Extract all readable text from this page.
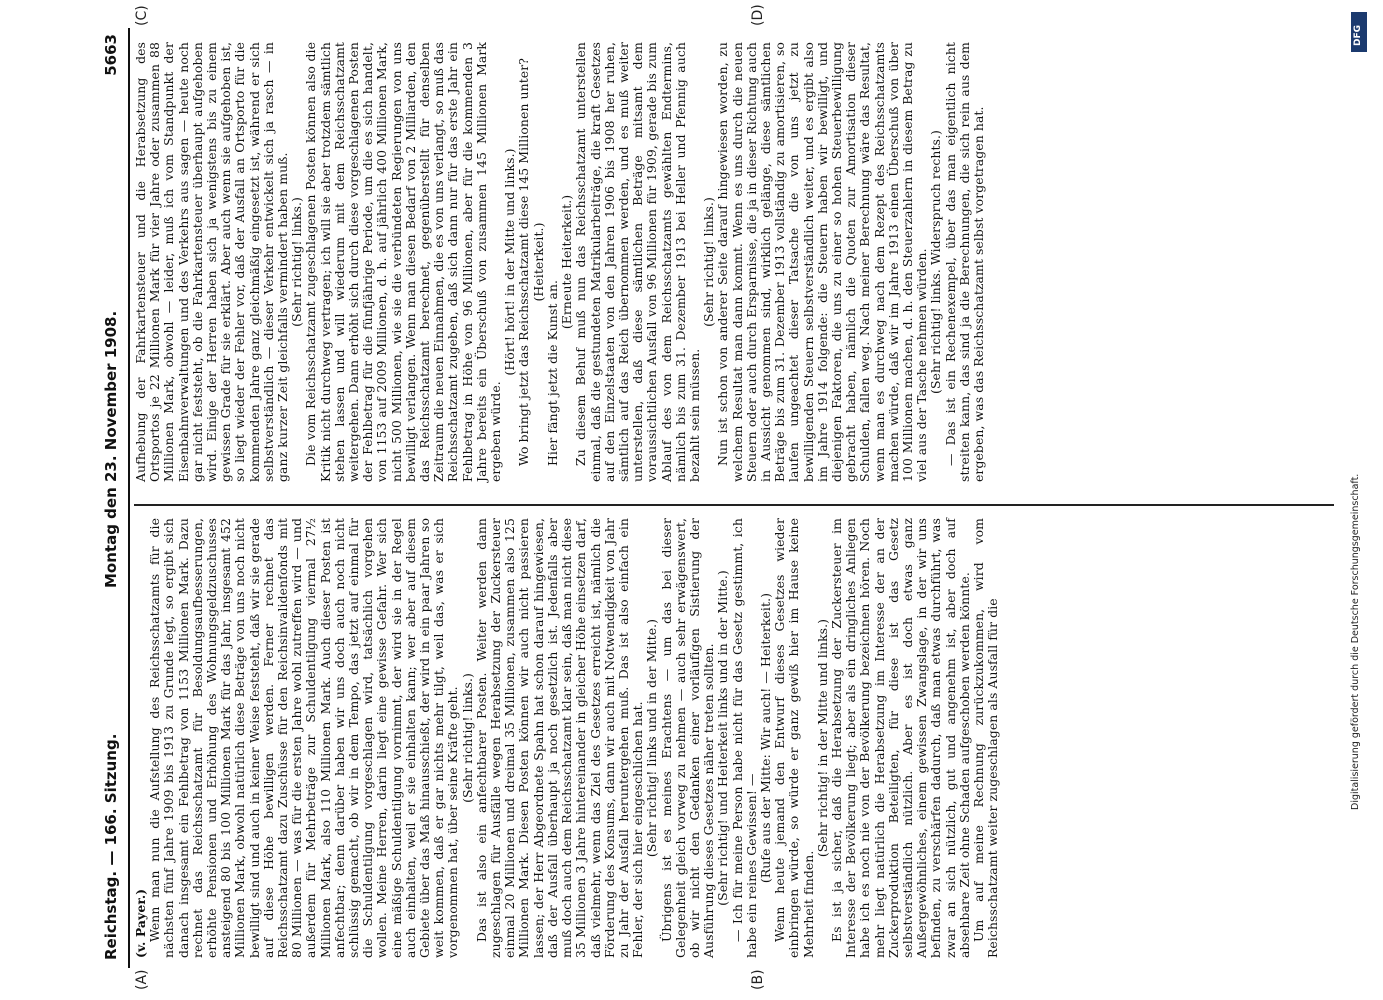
Reichstag. — 166. Sitzung.
Montag den 23. November 1908.
5663
(A)	(B)
(C)	(D)

(v. Payer.) Wenn man nun die Aufstellung des Reichsschatzamts für die nächsten fünf Jahre 1909 bis 1913 zu Grunde legt, so ergibt sich danach insgesamt ein Fehlbetrag von 1153 Millionen Mark. Dazu rechnet das Reichsschatzamt für Besoldungsaufbesserungen, erhöhte Pensionen und Erhöhung des Wohnungsgeldzuschusses ansteigend 80 bis 100 Millionen Mark für das Jahr, insgesamt 452 Millionen Mark, obwohl natürlich diese Beträge von uns noch nicht bewilligt sind und auch in keiner Weise feststeht, daß wir sie gerade auf diese Höhe bewilligen werden. Ferner rechnet das Reichsschatzamt dazu Zuschüsse für den Reichsinvalidenfonds mit 80 Millionen — was für die ersten Jahre wohl zutreffen wird — und außerdem für Mehrbeträge zur Schuldentilgung viermal 27½ Millionen Mark, also 110 Millionen Mark. Auch dieser Posten ist anfechtbar; denn darüber haben wir uns doch auch noch nicht schlüssig gemacht, ob wir in dem Tempo, das jetzt auf einmal für die Schuldentilgung vorgeschlagen wird, tatsächlich vorgehen wollen. Meine Herren, darin liegt eine gewisse Gefahr. Wer sich eine mäßige Schuldentilgung vornimmt, der wird sie in der Regel auch einhalten, weil er sie einhalten kann; wer aber auf diesem Gebiete über das Maß hinausschießt, der wird in ein paar Jahren so weit kommen, daß er gar nichts mehr tilgt, weil das, was er sich vorgenommen hat, über seine Kräfte geht. (Sehr richtig! links.) Das ist also ein anfechtbarer Posten. Weiter werden dann zugeschlagen für Ausfälle wegen Herabsetzung der Zuckersteuer einmal 20 Millionen und dreimal 35 Millionen, zusammen also 125 Millionen Mark. Diesen Posten können wir auch nicht passieren lassen; der Herr Abgeordnete Spahn hat schon darauf hingewiesen, daß der Ausfall überhaupt ja noch gesetzlich ist. Jedenfalls aber muß doch auch dem Reichsschatzamt klar sein, daß man nicht diese 35 Millionen 3 Jahre hintereinander in gleicher Höhe einsetzen darf, daß vielmehr, wenn das Ziel des Gesetzes erreicht ist, nämlich die Förderung des Konsums, dann wir auch mit Notwendigkeit von Jahr zu Jahr der Ausfall heruntergehen muß. Das ist also einfach ein Fehler, der sich hier eingeschlichen hat. (Sehr richtig! links und in der Mitte.) Übrigens ist es meines Erachtens — um das bei dieser Gelegenheit gleich vorweg zu nehmen — auch sehr erwägenswert, ob wir nicht den Gedanken einer vorläufigen Sistierung der Ausführung dieses Gesetzes näher treten sollten. (Sehr richtig! und Heiterkeit links und in der Mitte.) — Ich für meine Person habe nicht für das Gesetz gestimmt, ich habe ein reines Gewissen! — (Rufe aus der Mitte: Wir auch! — Heiterkeit.) Wenn heute jemand den Entwurf dieses Gesetzes wieder einbringen würde, so würde er ganz gewiß hier im Hause keine Mehrheit finden.

(Sehr richtig! in der Mitte und links.) Es ist ja sicher, daß die Herabsetzung der Zuckersteuer im Interesse der Bevölkerung liegt; aber als ein dringliches Anliegen habe ich es noch nie von der Bevölkerung bezeichnen hören. Noch mehr liegt natürlich die Herabsetzung im Interesse der an der Zuckerproduktion Beteiligten, für diese ist das Gesetz selbstverständlich nützlich. Aber es ist doch etwas ganz Außergewöhnliches, einem gewissen Zwangslage, in der wir uns befinden, zu verschärfen dadurch, daß man etwas durchführt, was zwar an sich nützlich, gut und angenehm ist, aber doch auf absehbare Zeit ohne Schaden aufgeschoben werden könnte. Um auf meine Rechnung zurückzukommen, wird vom Reichsschatzamt weiter zugeschlagen als Ausfall für die

Aufhebung der Fahrkartensteuer und die Herabsetzung des Ortsportos je 22 Millionen Mark für vier Jahre oder zusammen 88 Millionen Mark, obwohl — leider, muß ich vom Standpunkt der Eisenbahnverwaltungen und des Verkehrs aus sagen — heute noch gar nicht feststeht, ob die Fahrkartensteuer überhaupt aufgehoben wird. Einige der Herren haben sich ja wenigstens bis zu einem gewissen Grade für sie erklärt. Aber auch wenn sie aufgehoben ist, so liegt wieder der Fehler vor, daß der Ausfall an Ortsporto für die kommenden Jahre ganz gleichmäßig eingesetzt ist, während er sich selbstverständlich — dieser Verkehr entwickelt sich ja rasch — in ganz kurzer Zeit gleichfalls vermindert haben muß. (Sehr richtig! links.) Die vom Reichsschatzamt zugeschlagenen Posten können also die Kritik nicht durchweg vertragen; ich will sie aber trotzdem sämtlich stehen lassen und will wiederum mit dem Reichsschatzamt weitergehen. Dann erhöht sich durch diese vorgeschlagenen Posten der Fehlbetrag für die fünfjährige Periode, um die es sich handelt, von 1153 auf 2009 Millionen, d. h. auf jährlich 400 Millionen Mark, nicht 500 Millionen, wie sie die verbündeten Regierungen von uns bewilligt verlangen. Wenn man diesen Bedarf von 2 Milliarden, den das Reichsschatzamt berechnet, gegenüberstellt für denselben Zeitraum die neuen Einnahmen, die es von uns verlangt, so muß das Reichsschatzamt zugeben, daß sich dann nur für das erste Jahr ein Fehlbetrag in Höhe von 96 Millionen, aber für die kommenden 3 Jahre bereits ein Überschuß von zusammen 145 Millionen Mark ergeben würde.

(Hört! hört! in der Mitte und links.) Wo bringt jetzt das Reichsschatzamt diese 145 Millionen unter? (Heiterkeit.)

Hier fängt jetzt die Kunst an.

(Erneute Heiterkeit.) Zu diesem Behuf muß nun das Reichsschatzamt unterstellen einmal, daß die gestundeten Matrikularbeiträge, die kraft Gesetzes auf den Einzelstaaten von den Jahren 1906 bis 1908 her ruhen, sämtlich auf das Reich übernommen werden, und es muß weiter unterstellen, daß diese sämtlichen Beträge mitsamt dem voraussichtlichen Ausfall von 96 Millionen für 1909, gerade bis zum Ablauf des von dem Reichsschatzamts gewählten Endtermins, nämlich bis zum 31. Dezember 1913 bei Heller und Pfennig auch bezahlt sein müssen.

(Sehr richtig! links.) Nun ist schon von anderer Seite darauf hingewiesen worden, zu welchem Resultat man dann kommt. Wenn es uns durch die neuen Steuern oder auch durch Ersparnisse, die ja in dieser Richtung auch in Aussicht genommen sind, wirklich gelänge, diese sämtlichen Beträge bis zum 31. Dezember 1913 vollständig zu amortisieren, so laufen ungeachtet dieser Tatsache die von uns jetzt zu bewilligenden Steuern selbstverständlich weiter, und es ergibt also im Jahre 1914 folgende: die Steuern haben wir bewilligt, und diejenigen Faktoren, die uns zu einer so hohen Steuerbewilligung gebracht haben, nämlich die Quoten zur Amortisation dieser Schulden, fallen weg. Nach meiner Berechnung wäre das Resultat, wenn man es durchweg nach dem Rezept des Reichsschatzamts machen würde, daß wir im Jahre 1913 einen Überschuß von über 100 Millionen machen, d. h. den Steuerzahlern in diesem Betrag zu viel aus der Tasche nehmen würden. (Sehr richtig! links. Widerspruch rechts.) — Das ist ein Rechenexempel, über das man eigentlich nicht streiten kann, das sind ja die Berechnungen, die sich rein aus dem ergeben, was das Reichsschatzamt selbst vorgetragen hat.

DFG
Digitalisierung gefördert durch die Deutsche Forschungsgemeinschaft.
